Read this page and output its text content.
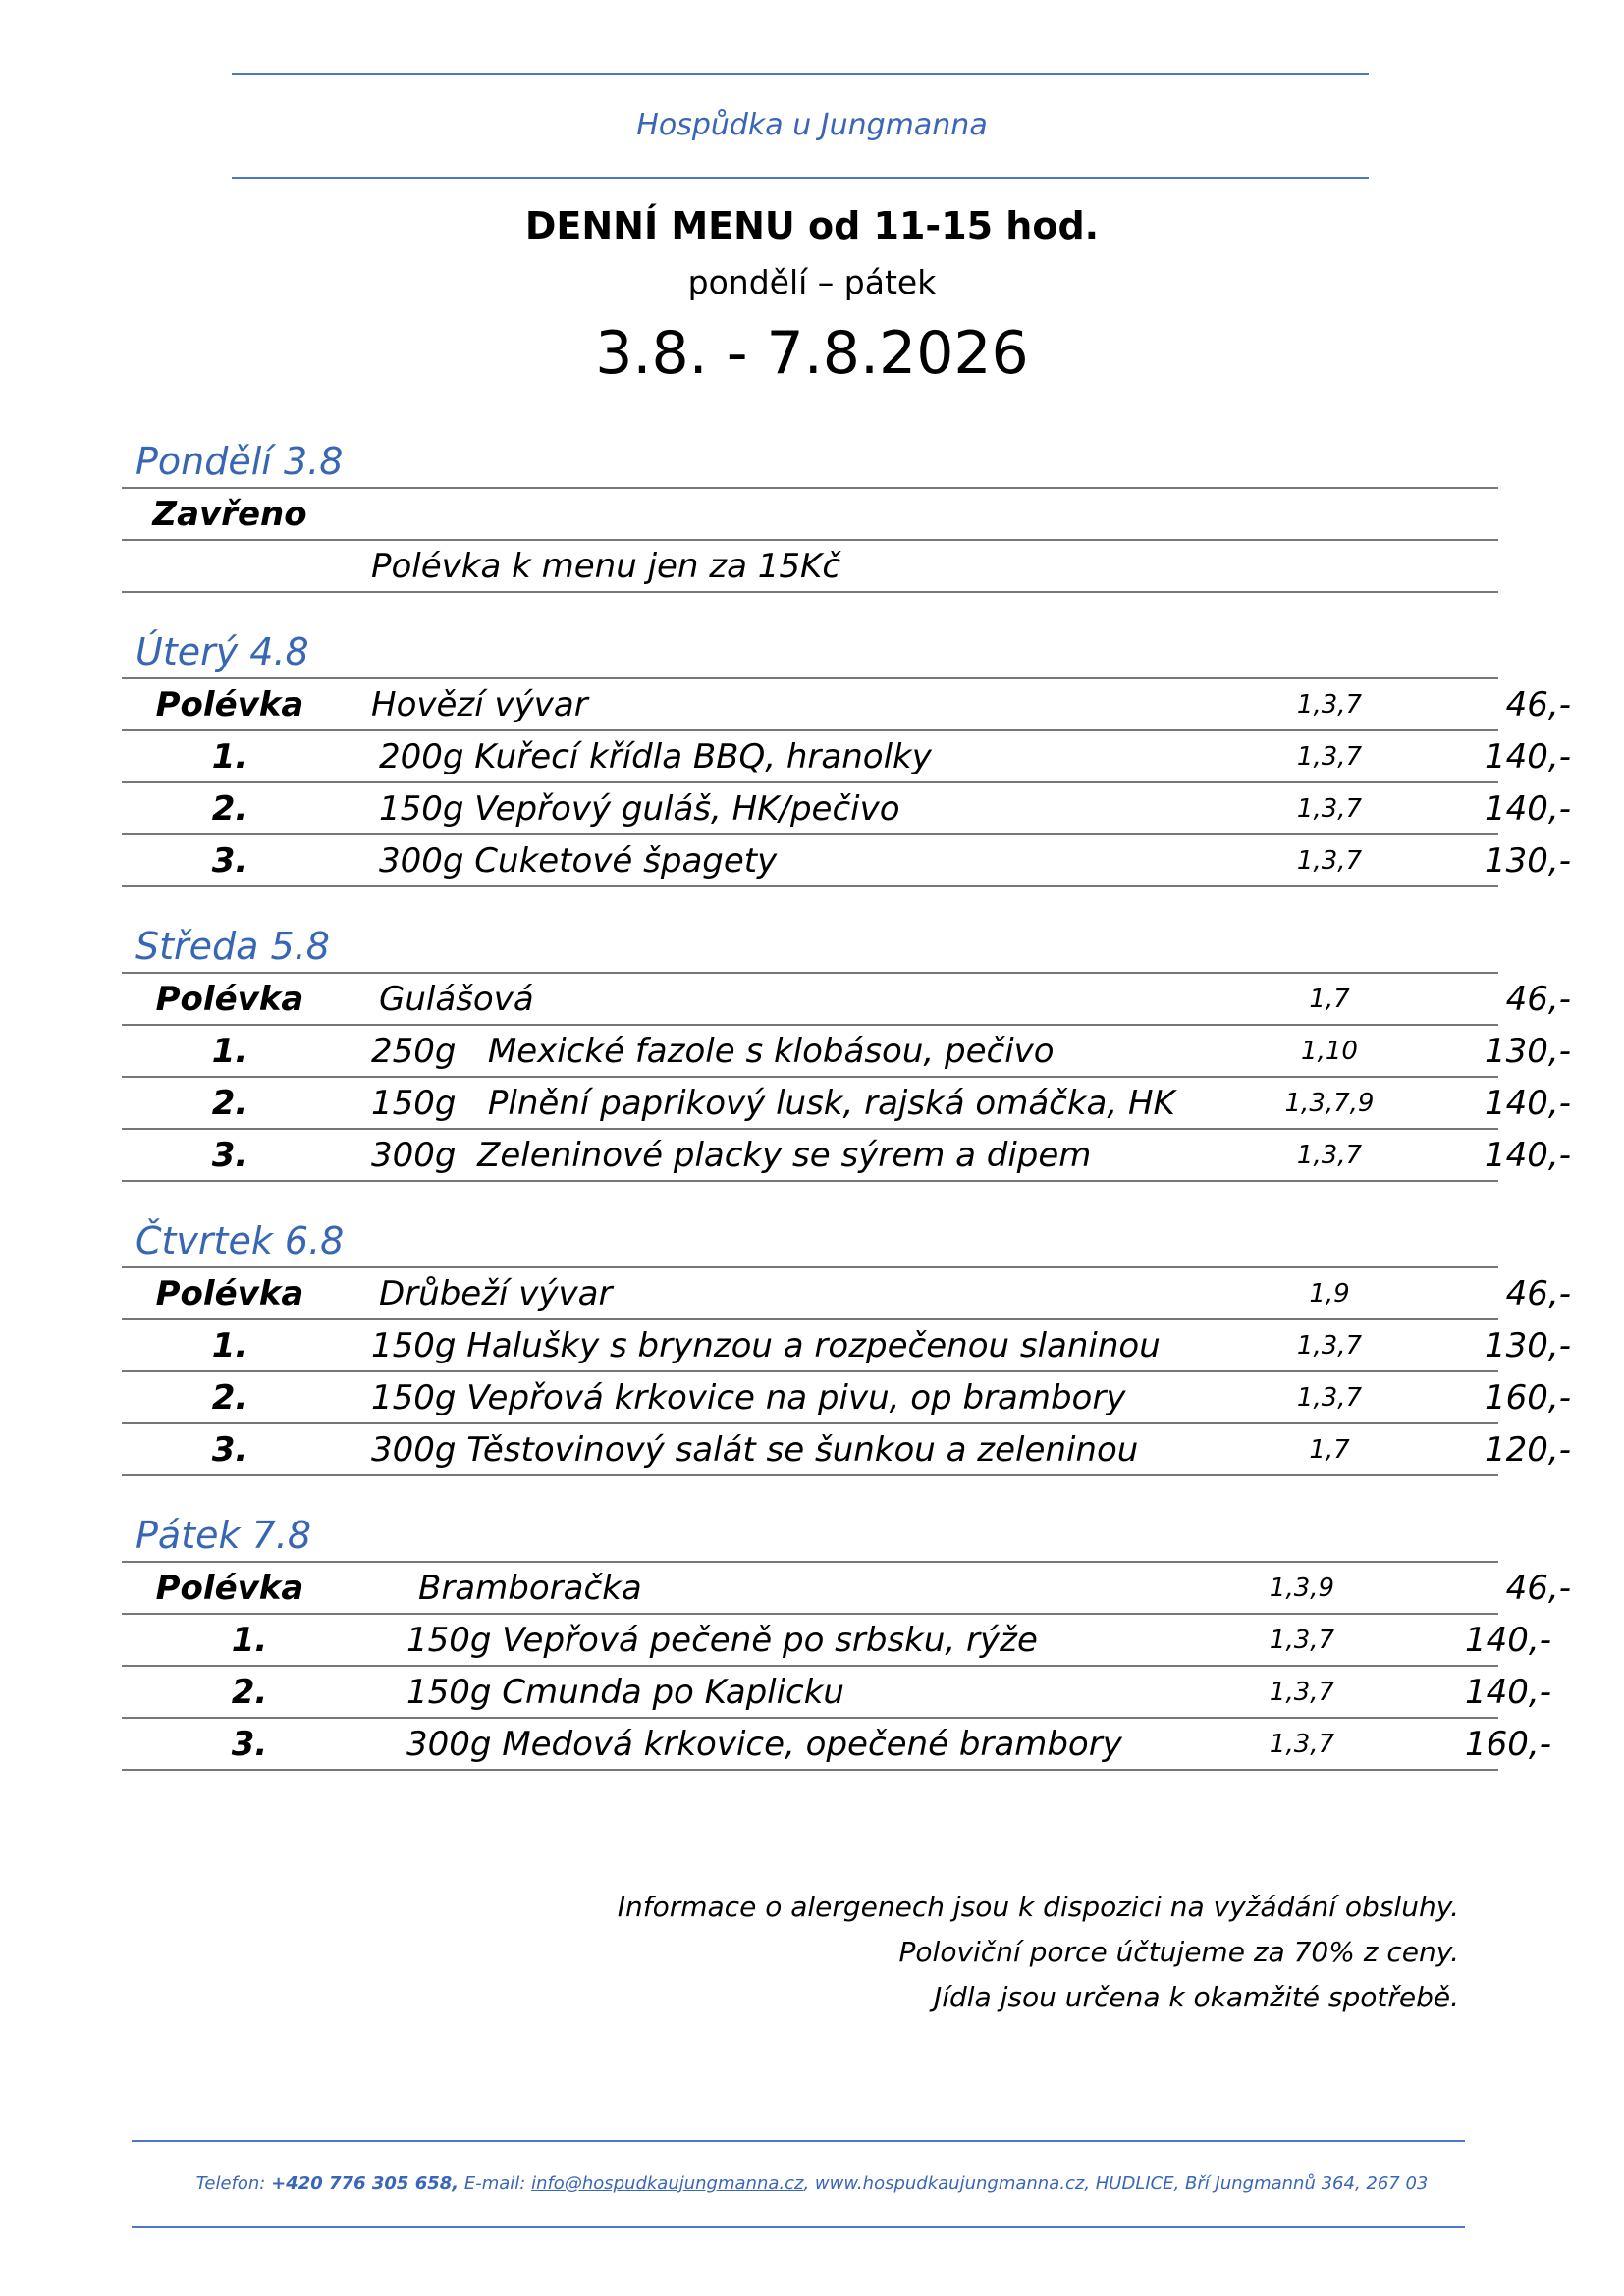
Hospůdka u Jungmanna
DENNÍ MENU od 11-15 hod.
pondělí – pátek
3.8. - 7.8.2026
Pondělí 3.8
Zavřeno
Polévka k menu jen za 15Kč
Úterý 4.8
Polévka	Hovězí vývar	1,3,7	46,-
1.	200g Kuřecí křídla BBQ, hranolky	1,3,7	140,-
2.	150g Vepřový guláš, HK/pečivo	1,3,7	140,-
3.	300g Cuketové špagety	1,3,7	130,-
Středa 5.8
Polévka	Gulášová	1,7	46,-
1.	250g   Mexické fazole s klobásou, pečivo	1,10	130,-
2.	150g   Plnění paprikový lusk, rajská omáčka, HK	1,3,7,9	140,-
3.	300g  Zeleninové placky se sýrem a dipem	1,3,7	140,-
Čtvrtek 6.8
Polévka	Drůbeží vývar	1,9	46,-
1.	150g Halušky s brynzou a rozpečenou slaninou	1,3,7	130,-
2.	150g Vepřová krkovice na pivu, op brambory	1,3,7	160,-
3.	300g Těstovinový salát se šunkou a zeleninou	1,7	120,-
Pátek 7.8
Polévka	Bramboračka	1,3,9	46,-
1.	150g Vepřová pečeně po srbsku, rýže	1,3,7	140,-
2.	150g Cmunda po Kaplicku	1,3,7	140,-
3.	300g Medová krkovice, opečené brambory	1,3,7	160,-
Informace o alergenech jsou k dispozici na vyžádání obsluhy.
Poloviční porce účtujeme za 70% z ceny.
Jídla jsou určena k okamžité spotřebě.
Telefon: +420 776 305 658, E-mail: info@hospudkaujungmanna.cz, www.hospudkaujungmanna.cz, HUDLICE, Bří Jungmannů 364, 267 03
